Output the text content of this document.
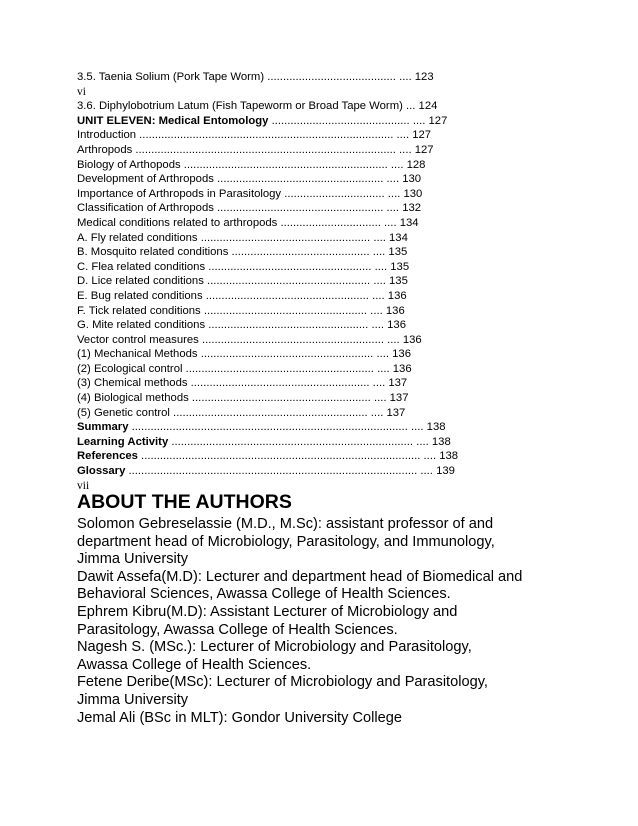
3.5. Taenia Solium (Pork Tape Worm) ......................................... .... 123
vi
3.6. Diphylobotrium Latum (Fish Tapeworm or Broad Tape Worm) ... 124
UNIT ELEVEN: Medical Entomology ............................................ .... 127
Introduction ................................................................................. .... 127
Arthropods ................................................................................... .... 127
Biology of Arthopods ................................................................. .... 128
Development of Arthropods ..................................................... .... 130
Importance of Arthropods in Parasitology ................................ .... 130
Classification of Arthropods ..................................................... .... 132
Medical conditions related to arthropods ................................ .... 134
A. Fly related conditions ...................................................... .... 134
B. Mosquito related conditions ............................................ .... 135
C. Flea related conditions .................................................... .... 135
D. Lice related conditions .................................................... .... 135
E. Bug related conditions .................................................... .... 136
F. Tick related conditions .................................................... .... 136
G. Mite related conditions ................................................... .... 136
Vector control measures .......................................................... .... 136
(1) Mechanical Methods ....................................................... .... 136
(2) Ecological control ............................................................ .... 136
(3) Chemical methods ......................................................... .... 137
(4) Biological methods ......................................................... .... 137
(5) Genetic control .............................................................. .... 137
Summary ........................................................................................ .... 138
Learning Activity ............................................................................. .... 138
References ......................................................................................... .... 138
Glossary ............................................................................................ .... 139
vii
ABOUT THE AUTHORS
Solomon Gebreselassie (M.D., M.Sc): assistant professor of and
department head of Microbiology, Parasitology, and Immunology,
Jimma University
Dawit Assefa(M.D): Lecturer and department head of Biomedical and
Behavioral Sciences, Awassa College of Health Sciences.
Ephrem Kibru(M.D): Assistant Lecturer of Microbiology and
Parasitology, Awassa College of Health Sciences.
Nagesh S. (MSc.): Lecturer of Microbiology and Parasitology,
Awassa College of Health Sciences.
Fetene Deribe(MSc): Lecturer of Microbiology and Parasitology,
Jimma University
Jemal Ali (BSc in MLT): Gondor University College
